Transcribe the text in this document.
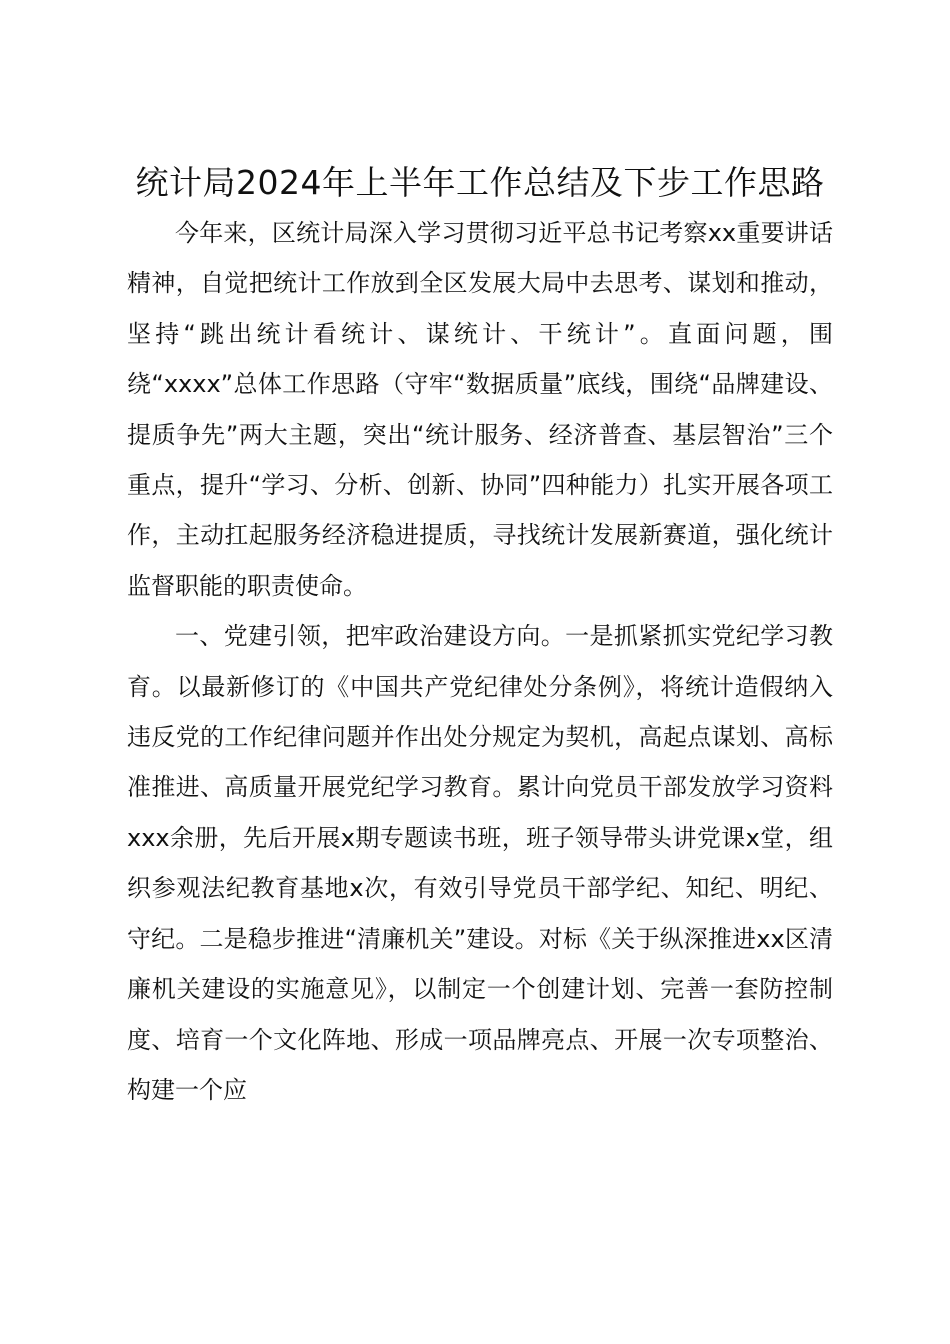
统计局2024年上半年工作总结及下步工作思路

今年来，区统计局深入学习贯彻习近平总书记考察xx重要讲话精神，自觉把统计工作放到全区发展大局中去思考、谋划和推动，坚持“跳出统计看统计、谋统计、干统计”。直面问题，围绕“xxxx”总体工作思路（守牢“数据质量”底线，围绕“品牌建设、提质争先”两大主题，突出“统计服务、经济普查、基层智治”三个重点，提升“学习、分析、创新、协同”四种能力）扎实开展各项工作，主动扛起服务经济稳进提质，寻找统计发展新赛道，强化统计监督职能的职责使命。

一、党建引领，把牢政治建设方向。一是抓紧抓实党纪学习教育。以最新修订的《中国共产党纪律处分条例》，将统计造假纳入违反党的工作纪律问题并作出处分规定为契机，高起点谋划、高标准推进、高质量开展党纪学习教育。累计向党员干部发放学习资料xxx余册，先后开展x期专题读书班，班子领导带头讲党课x堂，组织参观法纪教育基地x次，有效引导党员干部学纪、知纪、明纪、守纪。二是稳步推进“清廉机关”建设。对标《关于纵深推进xx区清廉机关建设的实施意见》，以制定一个创建计划、完善一套防控制度、培育一个文化阵地、形成一项品牌亮点、开展一次专项整治、构建一个应
